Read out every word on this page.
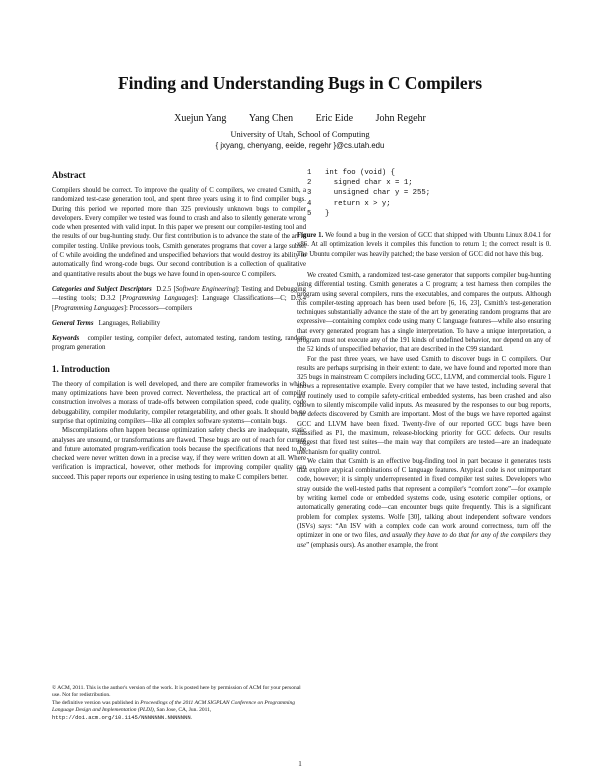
Finding and Understanding Bugs in C Compilers
Xuejun Yang Yang Chen Eric Eide John Regehr
University of Utah, School of Computing
{ jxyang, chenyang, eeide, regehr }@cs.utah.edu
Abstract

Compilers should be correct. To improve the quality of C compilers, we created Csmith, a randomized test-case generation tool, and spent three years using it to find compiler bugs. During this period we reported more than 325 previously unknown bugs to compiler developers. Every compiler we tested was found to crash and also to silently generate wrong code when presented with valid input. In this paper we present our compiler-testing tool and the results of our bug-hunting study. Our first contribution is to advance the state of the art in compiler testing. Unlike previous tools, Csmith generates programs that cover a large subset of C while avoiding the undefined and unspecified behaviors that would destroy its ability to automatically find wrong-code bugs. Our second contribution is a collection of qualitative and quantitative results about the bugs we have found in open-source C compilers.

Categories and Subject Descriptors D.2.5 [Software Engineering]: Testing and Debugging—testing tools; D.3.2 [Programming Languages]: Language Classifications—C; D.3.4 [Programming Languages]: Processors—compilers
General Terms Languages, Reliability
Keywords compiler testing, compiler defect, automated testing, random testing, random program generation
1. Introduction

The theory of compilation is well developed, and there are compiler frameworks in which many optimizations have been proved correct. Nevertheless, the practical art of compiler construction involves a morass of trade-offs between compilation speed, code quality, code debuggability, compiler modularity, compiler retargetability, and other goals. It should be no surprise that optimizing compilers—like all complex software systems—contain bugs.

Miscompilations often happen because optimization safety checks are inadequate, static analyses are unsound, or transformations are flawed. These bugs are out of reach for current and future automated program-verification tools because the specifications that need to be checked were never written down in a precise way, if they were written down at all. Where verification is impractical, however, other methods for improving compiler quality can succeed. This paper reports our experience in using testing to make C compilers better.

© ACM, 2011. This is the author's version of the work. It is posted here by permission of ACM for your personal use. Not for redistribution.
The definitive version was published in Proceedings of the 2011 ACM SIGPLAN Conference on Programming Language Design and Implementation (PLDI), San Jose, CA, Jun. 2011, http://doi.acm.org/10.1145/NNNNNNN.NNNNNNN.
1 int foo (void) {
2  signed char x = 1;
3  unsigned char y = 255;
4  return x > y;
5 }

Figure 1. We found a bug in the version of GCC that shipped with Ubuntu Linux 8.04.1 for x86. At all optimization levels it compiles this function to return 1; the correct result is 0. The Ubuntu compiler was heavily patched; the base version of GCC did not have this bug.

We created Csmith, a randomized test-case generator that supports compiler bug-hunting using differential testing. Csmith generates a C program; a test harness then compiles the program using several compilers, runs the executables, and compares the outputs. Although this compiler-testing approach has been used before [6, 16, 23], Csmith's test-generation techniques substantially advance the state of the art by generating random programs that are expressive—containing complex code using many C language features—while also ensuring that every generated program has a single interpretation. To have a unique interpretation, a program must not execute any of the 191 kinds of undefined behavior, nor depend on any of the 52 kinds of unspecified behavior, that are described in the C99 standard.

For the past three years, we have used Csmith to discover bugs in C compilers. Our results are perhaps surprising in their extent: to date, we have found and reported more than 325 bugs in mainstream C compilers including GCC, LLVM, and commercial tools. Figure 1 shows a representative example. Every compiler that we have tested, including several that are routinely used to compile safety-critical embedded systems, has been crashed and also shown to silently miscompile valid inputs. As measured by the responses to our bug reports, the defects discovered by Csmith are important. Most of the bugs we have reported against GCC and LLVM have been fixed. Twenty-five of our reported GCC bugs have been classified as P1, the maximum, release-blocking priority for GCC defects. Our results suggest that fixed test suites—the main way that compilers are tested—are an inadequate mechanism for quality control.

We claim that Csmith is an effective bug-finding tool in part because it generates tests that explore atypical combinations of C language features. Atypical code is not unimportant code, however; it is simply underrepresented in fixed compiler test suites. Developers who stray outside the well-tested paths that represent a compiler's “comfort zone”—for example by writing kernel code or embedded systems code, using esoteric compiler options, or automatically generating code—can encounter bugs quite frequently. This is a significant problem for complex systems. Wolfe [30], talking about independent software vendors (ISVs) says: “An ISV with a complex code can work around correctness, turn off the optimizer in one or two files, and usually they have to do that for any of the compilers they use” (emphasis ours). As another example, the front

1
